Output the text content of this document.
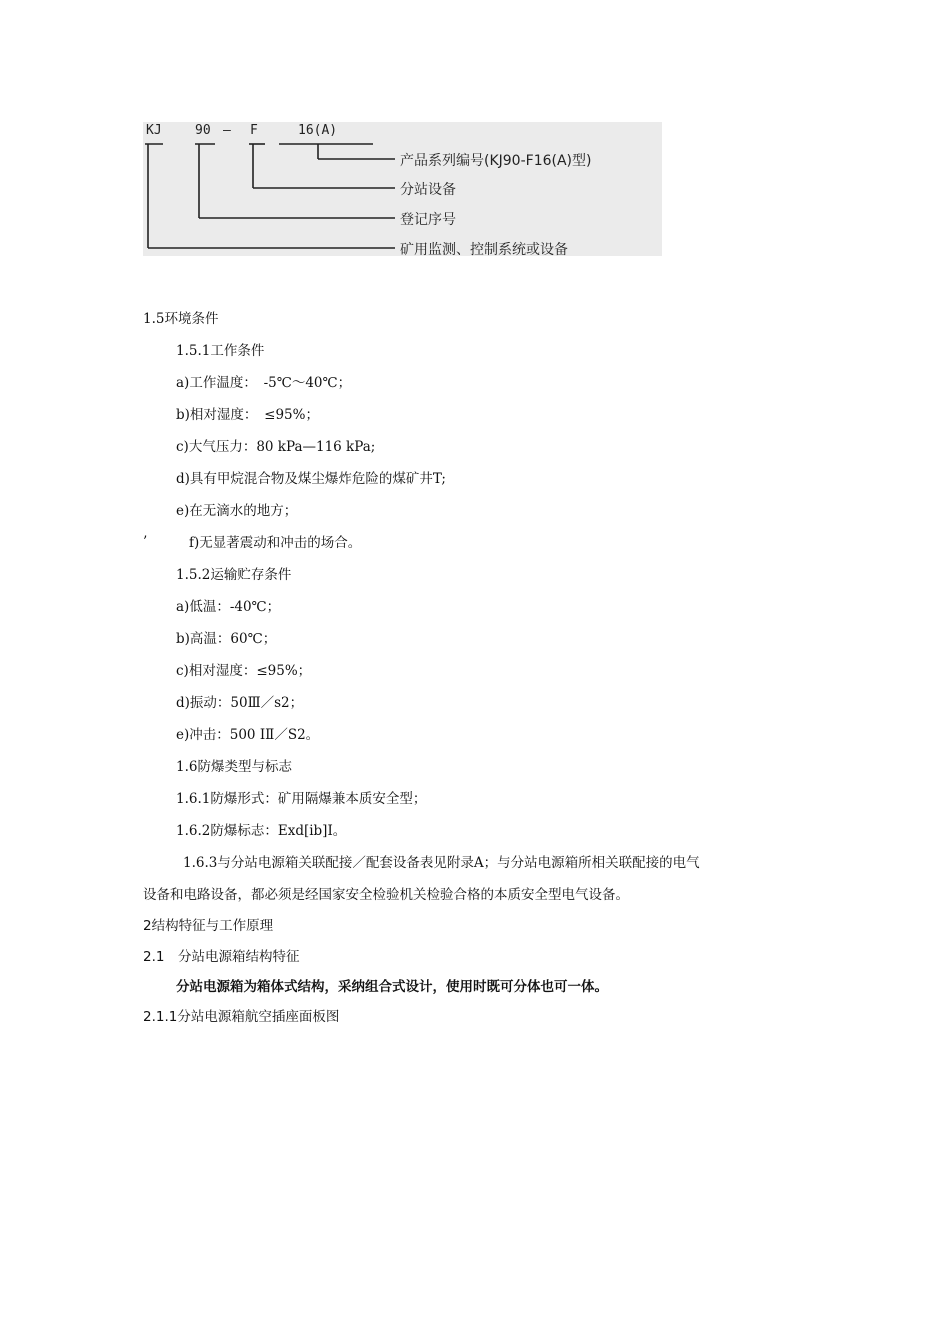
KJ	90 — F	16(A)
产品系列编号(KJ90-F16(A)型)
分站设备
登记序号
矿用监测、控制系统或设备
1.5环境条件
1.5.1工作条件
a)工作温度：　-5℃～40℃；
b)相对湿度：　≤95%；
c)大气压力：80 kPa—116 kPa;
d)具有甲烷混合物及煤尘爆炸危险的煤矿井T;
e)在无滴水的地方；
’	f)无显著震动和冲击的场合。
1.5.2运输贮存条件
a)低温：-40℃；
b)高温：60℃；
c)相对湿度：≤95%；
d)振动：50Ⅲ／s2；
e)冲击：500 ⅠⅡ／S2。
1.6防爆类型与标志
1.6.1防爆形式：矿用隔爆兼本质安全型；
1.6.2防爆标志：Exd[ib]I。
1.6.3与分站电源箱关联配接／配套设备表见附录A；与分站电源箱所相关联配接的电气
设备和电路设备，都必须是经国家安全检验机关检验合格的本质安全型电气设备。
2结构特征与工作原理
2.1　分站电源箱结构特征
分站电源箱为箱体式结构，采纳组合式设计，使用时既可分体也可一体。
2.1.1分站电源箱航空插座面板图
